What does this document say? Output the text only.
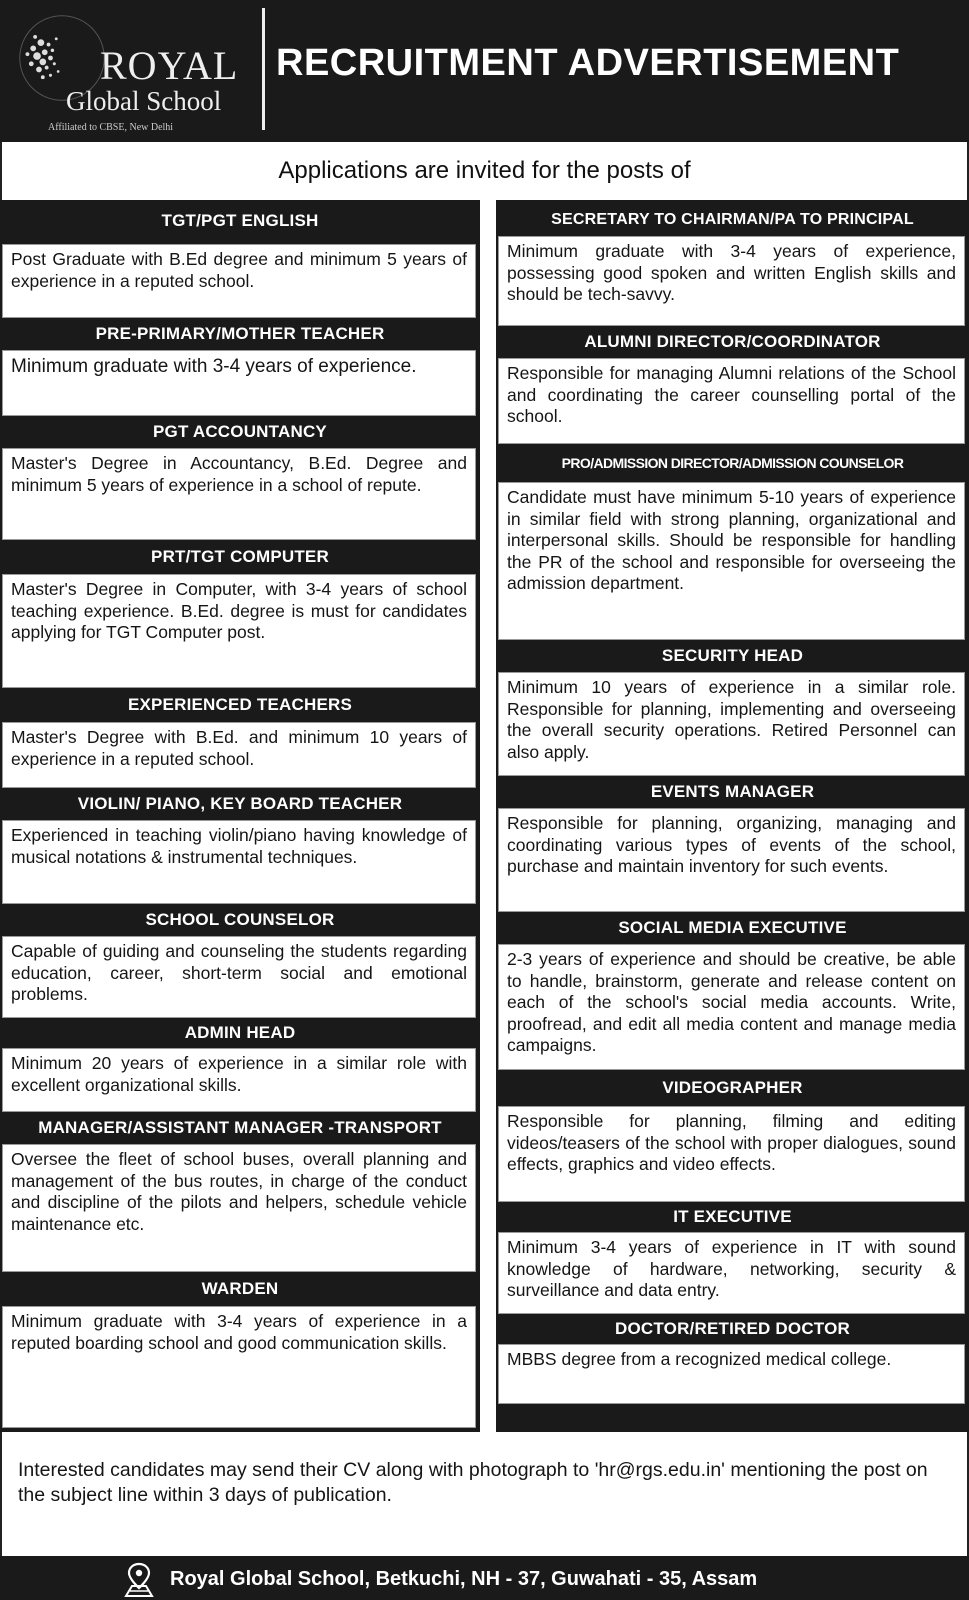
ROYAL
Global School
Affiliated to CBSE, New Delhi
RECRUITMENT ADVERTISEMENT
Applications are invited for the posts of
TGT/PGT ENGLISH
Post Graduate with B.Ed degree and minimum 5 years of experience in a reputed school.
PRE-PRIMARY/MOTHER TEACHER
Minimum graduate with 3-4 years of experience.
PGT ACCOUNTANCY
Master's Degree in Accountancy, B.Ed. Degree and minimum 5 years of experience in a school of repute.
PRT/TGT COMPUTER
Master's Degree in Computer, with 3-4 years of school teaching experience. B.Ed. degree is must for candidates applying for TGT Computer post.
EXPERIENCED TEACHERS
Master's Degree with B.Ed. and minimum 10 years of experience in a reputed school.
VIOLIN/ PIANO, KEY BOARD TEACHER
Experienced in teaching violin/piano having knowledge of musical notations & instrumental techniques.
SCHOOL COUNSELOR
Capable of guiding and counseling the students regarding education, career, short-term social and emotional problems.
ADMIN HEAD
Minimum 20 years of experience in a similar role with excellent organizational skills.
MANAGER/ASSISTANT MANAGER -TRANSPORT
Oversee the fleet of school buses, overall planning and management of the bus routes, in charge of the conduct and discipline of the pilots and helpers, schedule vehicle maintenance etc.
WARDEN
Minimum graduate with 3-4 years of experience in a reputed boarding school and good communication skills.
SECRETARY TO CHAIRMAN/PA TO PRINCIPAL
Minimum graduate with 3-4 years of experience, possessing good spoken and written English skills and should be tech-savvy.
ALUMNI DIRECTOR/COORDINATOR
Responsible for managing Alumni relations of the School and coordinating the career counselling portal of the school.
PRO/ADMISSION DIRECTOR/ADMISSION COUNSELOR
Candidate must have minimum 5-10 years of experience in similar field with strong planning, organizational and interpersonal skills. Should be responsible for handling the PR of the school and responsible for overseeing the admission department.
SECURITY HEAD
Minimum 10 years of experience in a similar role. Responsible for planning, implementing and overseeing the overall security operations. Retired Personnel can also apply.
EVENTS MANAGER
Responsible for planning, organizing, managing and coordinating various types of events of the school, purchase and maintain inventory for such events.
SOCIAL MEDIA EXECUTIVE
2-3 years of experience and should be creative, be able to handle, brainstorm, generate and release content on each of the school's social media accounts. Write, proofread, and edit all media content and manage media campaigns.
VIDEOGRAPHER
Responsible for planning, filming and editing videos/teasers of the school with proper dialogues, sound effects, graphics and video effects.
IT EXECUTIVE
Minimum 3-4 years of experience in IT with sound knowledge of hardware, networking, security & surveillance and data entry.
DOCTOR/RETIRED DOCTOR
MBBS degree from a recognized medical college.
Interested candidates may send their CV along with photograph to 'hr@rgs.edu.in' mentioning the post on the subject line within 3 days of publication.
Royal Global School, Betkuchi, NH - 37, Guwahati - 35, Assam
